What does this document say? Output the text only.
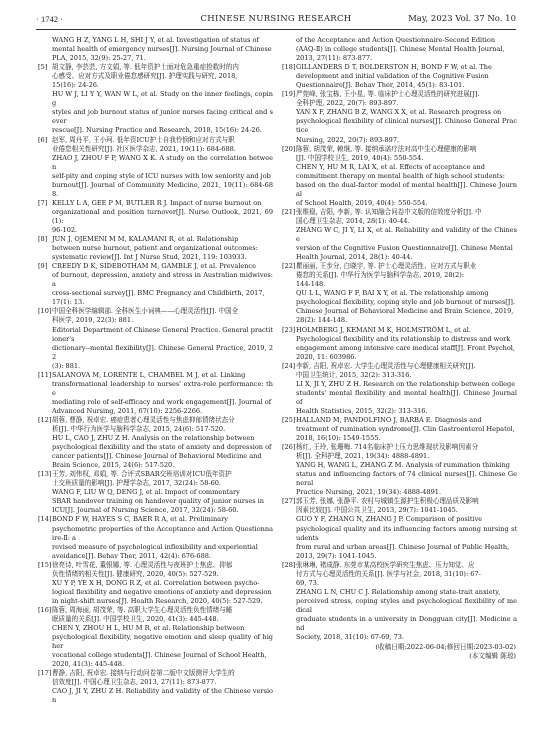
· 1742 ·	CHINESE NURSING RESEARCH	May, 2023 Vol. 37 No. 10
WANG H Z, YANG L H, SHI J Y, et al. Investigation of status of
mental health of emergency nurses[J]. Nursing Journal of Chinese
PLA, 2015, 32(9): 25-27, 71.
[5] 胡文静, 李芸芸, 方文娟, 等. 低年资护士面对危急重症抢救时的内
心感受、应对方式及职业倦怠感研究[J]. 护理实践与研究, 2018,
15(16): 24-26.
HU W J, LI Y Y, WAN W L, et al. Study on the inner feelings, coping
styles and job burnout status of junior nurses facing critical and sever
rescue[J]. Nursing Practice and Research, 2018, 15(16): 24-26.
[6] 赵军, 周丹平, 王小珂. 低年资ICU护士自我怜悯和应对方式与职
业倦怠相关性研究[J]. 社区医学杂志, 2021, 19(11): 684-688.
ZHAO J, ZHOU F P, WANG X K. A study on the correlation between
self-pity and coping style of ICU nurses with low seniority and job
burnout[J]. Journal of Community Medicine, 2021, 19(11): 684-688.
[7] KELLY L A, GEE P M, BUTLER R J. Impact of nurse burnout on
organizational and position turnover[J]. Nurse Outlook, 2021, 69(1):
96-102.
[8] JUN J, OJEMENI M M, KALAMANI R, et al. Relationship
between nurse burnout, patient and organizational outcomes:
systematic review[J]. Int J Nurse Stud, 2021, 119: 103933.
[9] CREEDY D K, SIDEBOTHAM M, GAMBLE J, et al. Prevalence
of burnout, depression, anxiety and stress in Australian midwives: a
cross-sectional survey[J]. BMC Pregnancy and Childbirth, 2017,
17(1): 13.
[10] 中国全科医学编辑部. 全科医生小词典——心理灵活性[J]. 中国全
科医学, 2019, 22(3): 881.
Editorial Department of Chinese General Practice. General practitioner's
dictionary--mental flexibility[J]. Chinese General Practice, 2019, 22
(3): 881.
[11] SALANOVA M, LORENTE L, CHAMBEL M J, et al. Linking
transformational leadership to nurses' extra-role performance: the
mediating role of self-efficacy and work engagement[J]. Journal of
Advanced Nursing, 2011, 67(10): 2256-2266.
[12] 胡蓉, 曹静, 祝卓宏. 癌症患者心理灵活性与焦虑抑郁情绪状态分
析[J]. 中华行为医学与脑科学杂志, 2015, 24(6): 517-520.
HU L, CAO J, ZHU Z H. Analysis on the relationship between
psychological flexibility and the state of anxiety and depression of
cancer patients[J]. Chinese Journal of Behavioral Medicine and
Brain Science, 2015, 24(6): 517-520.
[13] 王芳, 刘伟权, 邓娟, 等. 合评式SBAR交班培训对ICU低年资护
士交班质量的影响[J]. 护理学杂志, 2017, 32(24): 58-60.
WANG F, LIU W Q, DENG J, et al. Impact of commentary
SBAR handover training on handover quality of junior nurses in
ICU[J]. Journal of Nursing Science, 2017, 32(24): 58-60.
[14] BOND F W, HAYES S C, BAER R A, et al. Preliminary
psychometric properties of the Acceptance and Action Questionnaire-Ⅱ: a
revised measure of psychological inflexibility and experiential
avoidance[J]. Behav Ther, 2011, 42(4): 676-688.
[15] 徐亮诗, 叶雪花, 董银娜, 等. 心理灵活性与夜班护士焦虑、抑郁
负性情绪的相关性[J]. 健康研究, 2020, 40(5): 527-529.
XU Y P, YE X H, DONG R Z, et al. Correlation between psycho-
logical flexibility and negative emotions of anxiety and depression
in night-shift nurses[J]. Health Research, 2020, 40(5): 527-529.
[16] 陈蓉, 周海丽, 胡茂荣, 等. 高职大学生心理灵活性负性情绪与睡
眠质量的关系[J]. 中国学校卫生, 2020, 41(3): 445-448.
CHEN Y, ZHOU H L, HU M R, et al. Relationship between
psychological flexibility, negative emotion and sleep quality of higher
vocational college students[J]. Chinese Journal of School Health,
2020, 41(3): 445-448.
[17] 曹静, 吉阳, 祝卓宏. 接纳与行动问卷第二版中文版测评大学生的
信效度[J]. 中国心理卫生杂志, 2013, 27(11): 873-877.
CAO J, JI Y, ZHU Z H. Reliability and validity of the Chinese version
of the Acceptance and Action Questionnaire-Second Edition
(AAQ-Ⅱ) in college students[J]. Chinese Mental Health Journal,
2013, 27(11): 873-877.
[18] GILLANDERS D T, BOLDERSTON H, BOND F W, et al. The
development and initial validation of the Cognitive Fusion
Questionnaire[J]. Behav Ther, 2014, 45(1): 83-101.
[19] 严莞峰, 张宝栋, 王小星, 等. 临床护士心理灵活性的研究进展[J].
全科护理, 2022, 20(7): 893-897.
YAN X F, ZHANG B Z, WANG X X, et al. Research progress on
psychological flexibility of clinical nurses[J]. Chinese General Practice
Nursing, 2022, 20(7): 893-897.
[20] 陈蓉, 胡茂荣, 赖继, 等. 接纳承诺疗法对高中生心理健康的影响
[J]. 中国学校卫生, 2019, 40(4): 550-554.
CHEN Y, HU M R, LAI X, et al. Effects of acceptance and
commitment therapy on mental health of high school students:
based on the dual-factor model of mental health[J]. Chinese Journal
of School Health, 2019, 40(4): 550-554.
[21] 张维稳, 吉阳, 李新, 等. 认知融合问卷中文版的信效度分析[J]. 中
国心理卫生杂志, 2014, 28(1): 40-44.
ZHANG W C, JI Y, LI X, et al. Reliability and validity of the Chinese
version of the Cognitive Fusion Questionnaire[J]. Chinese Mental
Health Journal, 2014, 28(1): 40-44.
[22] 瞿丽丽, 王步分, 白晓宇, 等. 护士心理灵活性、应对方式与职业
倦怠的关系[J]. 中华行为医学与脑科学杂志, 2019, 28(2):
144-148.
QU L L, WANG F F, BAI X Y, et al. The relationship among
psychological flexibility, coping style and job burnout of nurses[J].
Chinese Journal of Behavioral Medicine and Brain Science, 2019,
28(2): 144-148.
[23] HOLMBERG J, KEMANI M K, HOLMSTRÖM L, et al.
Psychological flexibility and its relationship to distress and work
engagement among intensive care medical staff[J]. Front Psychol,
2020, 11: 603986.
[24] 李新, 吉阳, 祝卓宏. 大学生心理灵活性与心理健康相关研究[J].
中国卫生统计, 2015, 32(2): 313-316.
LI X, JI Y, ZHU Z H. Research on the relationship between college
students' mental flexibility and mental health[J]. Chinese Journal of
Health Statistics, 2015, 32(2): 313-316.
[25] HALLAND M, PANDOLFINO J, BARBA E. Diagnosis and
treatment of rumination syndrome[J]. Clin Gastroenterol Hepatol,
2018, 16(10): 1549-1555.
[26] 杨红, 王玲, 张珊梅. 714名临床护士压力思维现状及影响因素分
析[J]. 全科护理, 2021, 19(34): 4888-4891.
YANG H, WANG L, ZHANG Z M. Analysis of rumination thinking
status and influencing factors of 74 clinical nurses[J]. Chinese General
Practice Nursing, 2021, 19(34): 4888-4891.
[27] 郭玉芳, 张娜, 张静平. 农村与城镇生源护生积极心理品质及影响
因素比较[J]. 中国公共卫生, 2013, 29(7): 1041-1045.
GUO Y F, ZHANG N, ZHANG J P. Comparison of positive
psychological quality and its influencing factors among nursing students
from rural and urban areas[J]. Chinese Journal of Public Health,
2013, 29(7): 1041-1045.
[28] 张琳琳, 褚成静. 东莞市某高校医学研究生焦虑、压力知觉、应
付方式与心理灵活性的关系[J]. 医学与社会, 2018, 31(10): 67-
69, 73.
ZHANG L N, CHU C J. Relationship among state-trait anxiety,
perceived stress, coping styles and psychological flexibility of medical
graduate students in a university in Dongguan city[J]. Medicine and
Society, 2018, 31(10): 67-69, 73.
(收稿日期:2022-06-04;修回日期:2023-03-02)
(本文编辑 陈琼)
